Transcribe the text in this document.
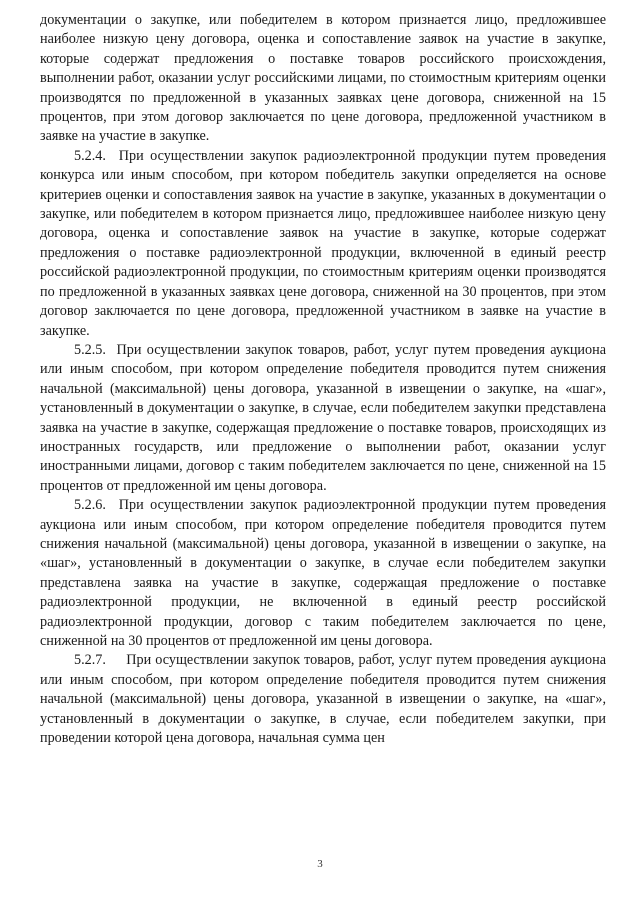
документации о закупке, или победителем в котором признается лицо, предложившее наиболее низкую цену договора, оценка и сопоставление заявок на участие в закупке, которые содержат предложения о поставке товаров российского происхождения, выполнении работ, оказании услуг российскими лицами, по стоимостным критериям оценки производятся по предложенной в указанных заявках цене договора, сниженной на 15 процентов, при этом договор заключается по цене договора, предложенной участником в заявке на участие в закупке.

5.2.4. При осуществлении закупок радиоэлектронной продукции путем проведения конкурса или иным способом, при котором победитель закупки определяется на основе критериев оценки и сопоставления заявок на участие в закупке, указанных в документации о закупке, или победителем в котором признается лицо, предложившее наиболее низкую цену договора, оценка и сопоставление заявок на участие в закупке, которые содержат предложения о поставке радиоэлектронной продукции, включенной в единый реестр российской радиоэлектронной продукции, по стоимостным критериям оценки производятся по предложенной в указанных заявках цене договора, сниженной на 30 процентов, при этом договор заключается по цене договора, предложенной участником в заявке на участие в закупке.

5.2.5. При осуществлении закупок товаров, работ, услуг путем проведения аукциона или иным способом, при котором определение победителя проводится путем снижения начальной (максимальной) цены договора, указанной в извещении о закупке, на «шаг», установленный в документации о закупке, в случае, если победителем закупки представлена заявка на участие в закупке, содержащая предложение о поставке товаров, происходящих из иностранных государств, или предложение о выполнении работ, оказании услуг иностранными лицами, договор с таким победителем заключается по цене, сниженной на 15 процентов от предложенной им цены договора.

5.2.6. При осуществлении закупок радиоэлектронной продукции путем проведения аукциона или иным способом, при котором определение победителя проводится путем снижения начальной (максимальной) цены договора, указанной в извещении о закупке, на «шаг», установленный в документации о закупке, в случае если победителем закупки представлена заявка на участие в закупке, содержащая предложение о поставке радиоэлектронной продукции, не включенной в единый реестр российской радиоэлектронной продукции, договор с таким победителем заключается по цене, сниженной на 30 процентов от предложенной им цены договора.

5.2.7. При осуществлении закупок товаров, работ, услуг путем проведения аукциона или иным способом, при котором определение победителя проводится путем снижения начальной (максимальной) цены договора, указанной в извещении о закупке, на «шаг», установленный в документации о закупке, в случае, если победителем закупки, при проведении которой цена договора, начальная сумма цен

3
